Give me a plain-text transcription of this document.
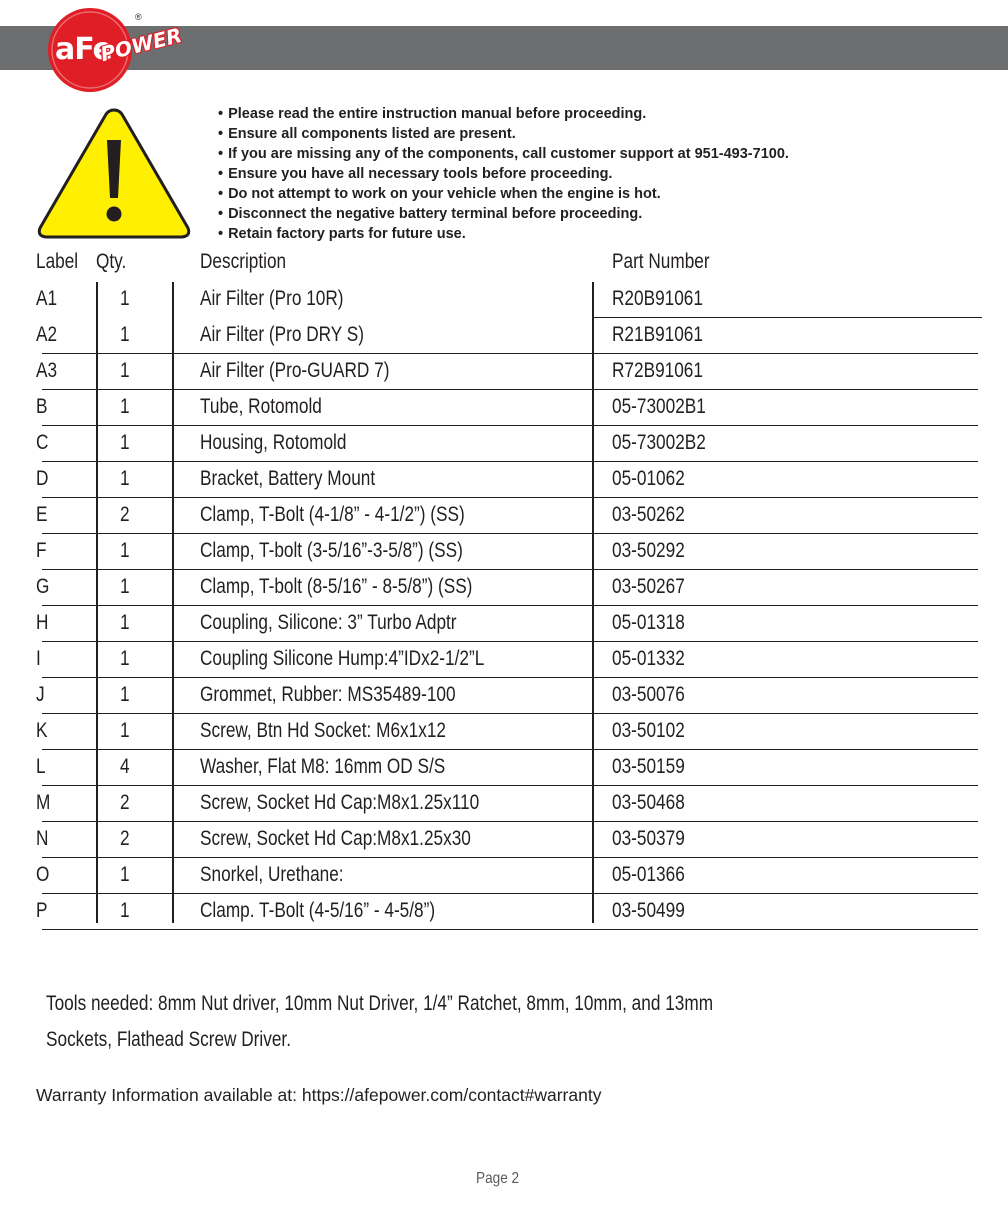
aFe
POWER
®
• Please read the entire instruction manual before proceeding.
• Ensure all components listed are present.
• If you are missing any of the components, call customer support at 951-493-7100.
• Ensure you have all necessary tools before proceeding.
• Do not attempt to work on your vehicle when the engine is hot.
• Disconnect the negative battery terminal before proceeding.
• Retain factory parts for future use.
Label Qty.	Description	Part Number
A1	1	Air Filter (Pro 10R)	R20B91061
A2	1	Air Filter (Pro DRY S)	R21B91061
A3	1	Air Filter (Pro-GUARD 7)	R72B91061
B	1	Tube, Rotomold	05-73002B1
C	1	Housing, Rotomold	05-73002B2
D	1	Bracket, Battery Mount	05-01062
E	2	Clamp, T-Bolt (4-1/8” - 4-1/2”) (SS)	03-50262
F	1	Clamp, T-bolt (3-5/16”-3-5/8”) (SS)	03-50292
G	1	Clamp, T-bolt (8-5/16” - 8-5/8”) (SS)	03-50267
H	1	Coupling, Silicone: 3” Turbo Adptr	05-01318
I	1	Coupling Silicone Hump:4”IDx2-1/2”L	05-01332
J	1	Grommet, Rubber: MS35489-100	03-50076
K	1	Screw, Btn Hd Socket: M6x1x12	03-50102
L	4	Washer, Flat M8: 16mm OD S/S	03-50159
M	2	Screw, Socket Hd Cap:M8x1.25x110	03-50468
N	2	Screw, Socket Hd Cap:M8x1.25x30	03-50379
O	1	Snorkel, Urethane:	05-01366
P	1	Clamp. T-Bolt (4-5/16” - 4-5/8”)	03-50499
Tools needed: 8mm Nut driver, 10mm Nut Driver, 1/4” Ratchet, 8mm, 10mm, and 13mm Sockets, Flathead Screw Driver.
Warranty Information available at: https://afepower.com/contact#warranty
Page 2
